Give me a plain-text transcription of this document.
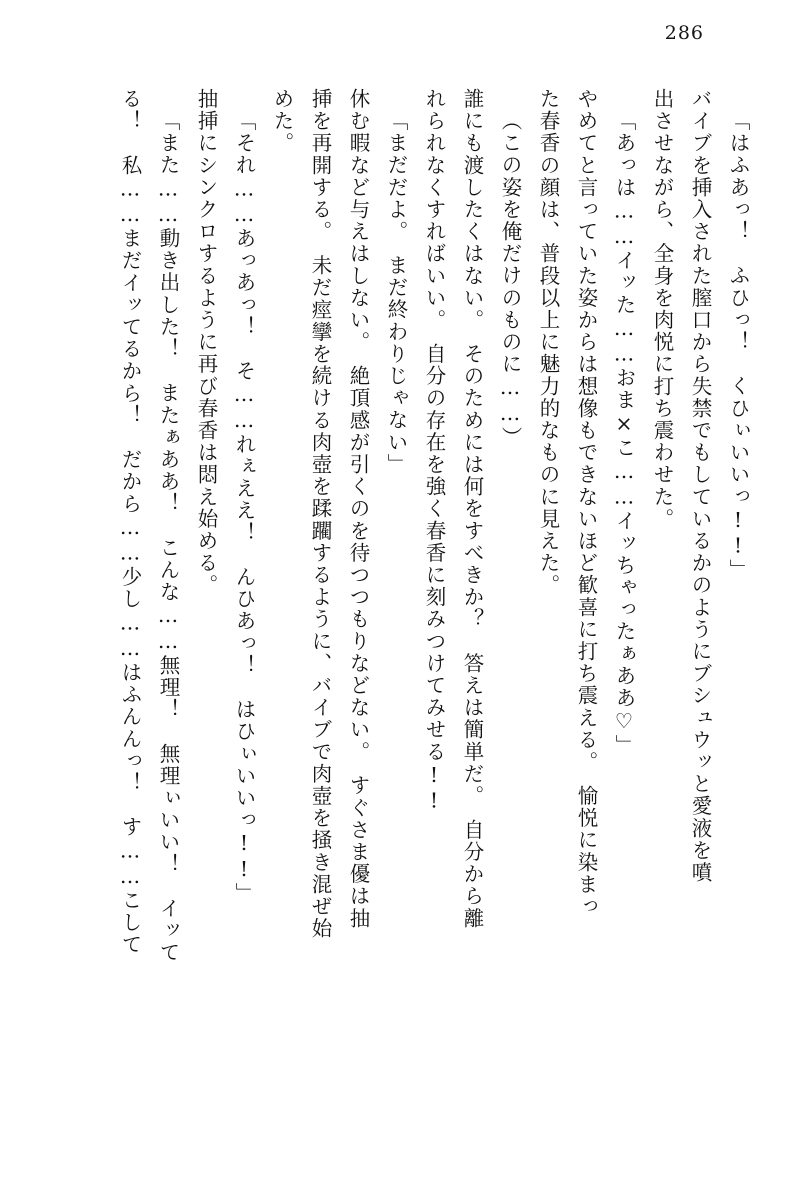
286
「はふあっ！　ふひっ！　くひぃいいっ!!」
バイブを挿入された膣口から失禁でもしているかのようにブシュウッと愛液を噴
出させながら、全身を肉悦に打ち震わせた。
「あっは……イッた……おま×こ……イッちゃったぁああ♡」
やめてと言っていた姿からは想像もできないほど歓喜に打ち震える。　愉悦に染まっ
た春香の顔は、普段以上に魅力的なものに見えた。
（この姿を俺だけのものに……）
誰にも渡したくはない。　そのためには何をすべきか？　答えは簡単だ。　自分から離
れられなくすればいい。　自分の存在を強く春香に刻みつけてみせる!!
「まだだよ。　まだ終わりじゃない」
休む暇など与えはしない。　絶頂感が引くのを待つつもりなどない。　すぐさま優は抽
挿を再開する。　未だ痙攣を続ける肉壺を蹂躙するように、バイブで肉壺を掻き混ぜ始
めた。
「それ……あっあっ！　そ……れぇええ！　んひあっ！　はひぃいいっ!!」
抽挿にシンクロするように再び春香は悶え始める。
「また……動き出した！　またぁああ！　こんな……無理！　無理ぃいい！　イッて
る！　私……まだイッてるから！　だから……少し……はふんんっ！　す……こして
